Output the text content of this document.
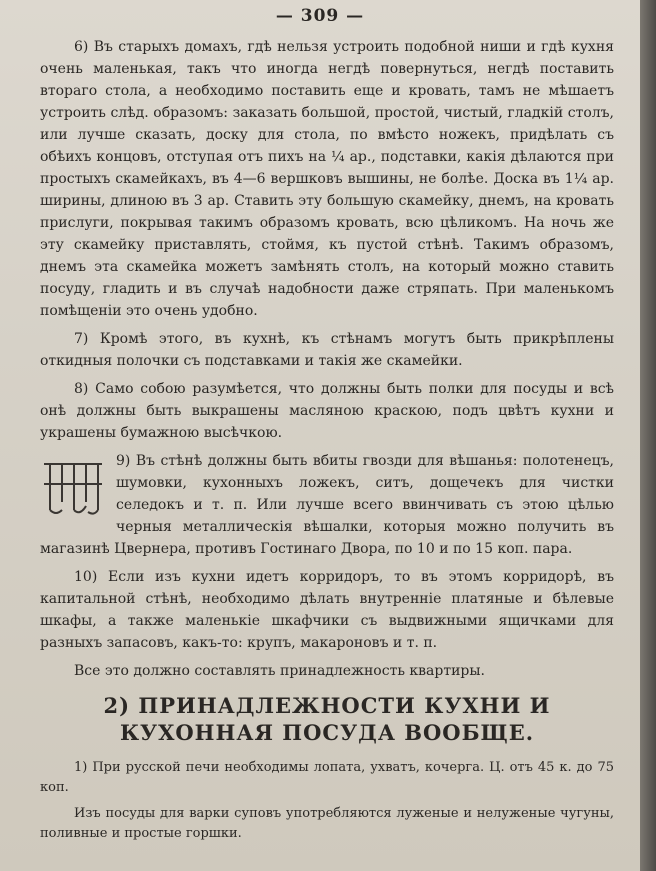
— 309 —

6) Въ старыхъ домахъ, гдѣ нельзя устроить подобной ниши и гдѣ кухня очень маленькая, такъ что иногда негдѣ повернуться, негдѣ поставить втораго стола, а необходимо поставить еще и кровать, тамъ не мѣшаетъ устроить слѣд. образомъ: заказать большой, простой, чистый, гладкій столъ, или лучше сказать, доску для стола, по вмѣсто ножекъ, придѣлать съ обѣихъ концовъ, отступая отъ пихъ на ¼ ар., подставки, какія дѣлаются при простыхъ скамейкахъ, въ 4—6 вершковъ вышины, не болѣе. Доска въ 1¼ ар. ширины, длиною въ 3 ар. Ставить эту большую скамейку, днемъ, на кровать прислуги, покрывая такимъ образомъ кровать, всю цѣликомъ. На ночь же эту скамейку приставлять, стоймя, къ пустой стѣнѣ. Такимъ образомъ, днемъ эта скамейка можетъ замѣнять столъ, на который можно ставить посуду, гладить и въ случаѣ надобности даже стряпать. При маленькомъ помѣщеніи это очень удобно.

7) Кромѣ этого, въ кухнѣ, къ стѣнамъ могутъ быть прикрѣплены откидныя полочки съ подставками и такія же скамейки.

8) Само собою разумѣется, что должны быть полки для посуды и всѣ онѣ должны быть выкрашены масляною краскою, подъ цвѣтъ кухни и украшены бумажною высѣчкою.

9) Въ стѣнѣ должны быть вбиты гвозди для вѣшанья: полотенецъ, шумовки, кухонныхъ ложекъ, ситъ, дощечекъ для чистки селедокъ и т. п. Или лучше всего ввинчивать съ этою цѣлью черныя металлическія вѣшалки, которыя можно получить въ магазинѣ Цвернера, противъ Гостинаго Двора, по 10 и по 15 коп. пара.

10) Если изъ кухни идетъ корридоръ, то въ этомъ корридорѣ, въ капитальной стѣнѣ, необходимо дѣлать внутренніе платяные и бѣлевые шкафы, а также маленькіе шкафчики съ выдвижными ящичками для разныхъ запасовъ, какъ-то: крупъ, макароновъ и т. п.

Все это должно составлять принадлежность квартиры.

2) ПРИНАДЛЕЖНОСТИ КУХНИ И КУХОННАЯ ПОСУДА ВООБЩЕ.

1) При русской печи необходимы лопата, ухватъ, кочерга. Ц. отъ 45 к. до 75 коп.

Изъ посуды для варки суповъ употребляются луженые и нелуженые чугуны, поливные и простые горшки.
